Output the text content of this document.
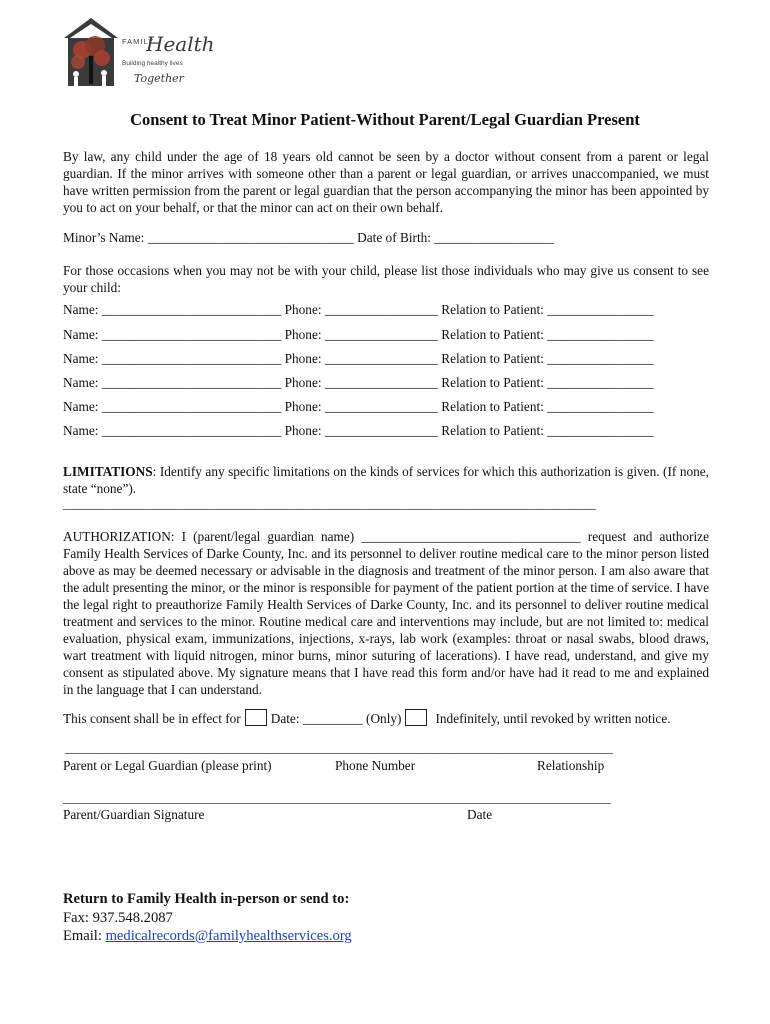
FAMILY
Health
Building healthy lives
Together
Consent to Treat Minor Patient-Without Parent/Legal Guardian Present
By law, any child under the age of 18 years old cannot be seen by a doctor without consent from a parent or legal guardian. If the minor arrives with someone other than a parent or legal guardian, or arrives unaccompanied, we must have written permission from the parent or legal guardian that the person accompanying the minor has been appointed by you to act on your behalf, or that the minor can act on their own behalf.
Minor’s Name: _______________________________ Date of Birth: __________________
For those occasions when you may not be with your child, please list those individuals who may give us consent to see your child:
Name: ___________________________ Phone: _________________ Relation to Patient: ________________
Name: ___________________________ Phone: _________________ Relation to Patient: ________________
Name: ___________________________ Phone: _________________ Relation to Patient: ________________
Name: ___________________________ Phone: _________________ Relation to Patient: ________________
Name: ___________________________ Phone: _________________ Relation to Patient: ________________
Name: ___________________________ Phone: _________________ Relation to Patient: ________________
LIMITATIONS: Identify any specific limitations on the kinds of services for which this authorization is given. (If none, state “none”).
______________________________________________________________________________________
AUTHORIZATION: I (parent/legal guardian name) _________________________________ request and authorize Family Health Services of Darke County, Inc. and its personnel to deliver routine medical care to the minor person listed above as may be deemed necessary or advisable in the diagnosis and treatment of the minor person. I am also aware that the adult presenting the minor, or the minor is responsible for payment of the patient portion at the time of service. I have the legal right to preauthorize Family Health Services of Darke County, Inc. and its personnel to deliver routine medical treatment and services to the minor. Routine medical care and interventions may include, but are not limited to: medical evaluation, physical exam, immunizations, injections, x-rays, lab work (examples: throat or nasal swabs, blood draws, wart treatment with liquid nitrogen, minor burns, minor suturing of lacerations). I have read, understand, and give my consent as stipulated above. My signature means that I have read this form and/or have had it read to me and explained in the language that I can understand.
This consent shall be in effect for Date: _________ (Only)	Indefinitely, until revoked by written notice.
_______________________________________________________________________________________
Parent or Legal Guardian (please print)	Phone Number	Relationship
_______________________________________________________________________________________
Parent/Guardian Signature	Date
Return to Family Health in-person or send to:
Fax: 937.548.2087
Email: medicalrecords@familyhealthservices.org
